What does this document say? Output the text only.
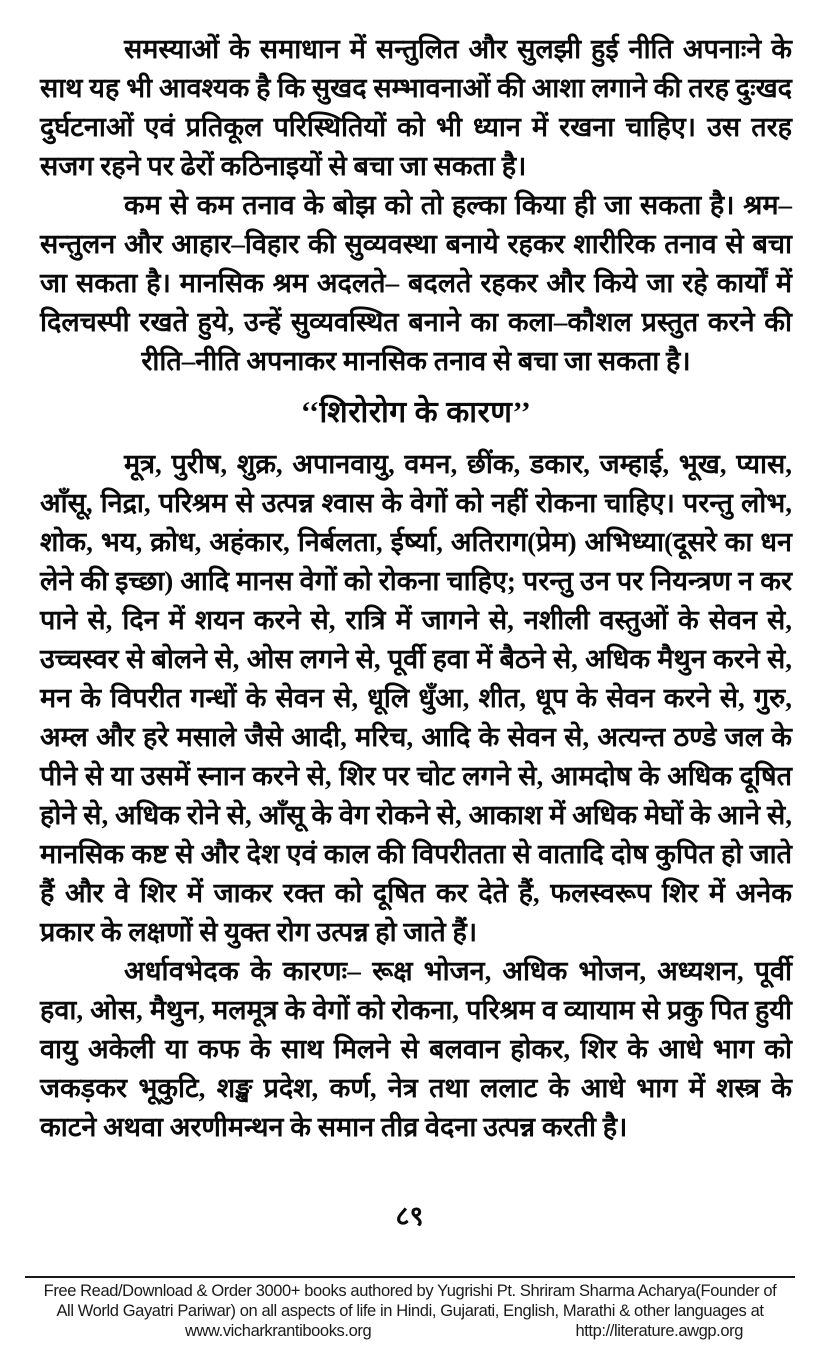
समस्याओं के समाधान में सन्तुलित और सुलझी हुई नीति अपनाःने के साथ यह भी आवश्यक है कि सुखद सम्भावनाओं की आशा लगाने की तरह दुःखद दुर्घटनाओं एवं प्रतिकूल परिस्थितियों को भी ध्यान में रखना चाहिए। उस तरह सजग रहने पर ढेरों कठिनाइयों से बचा जा सकता है।

कम से कम तनाव के बोझ को तो हल्का किया ही जा सकता है। श्रम–सन्तुलन और आहार–विहार की सुव्यवस्था बनाये रहकर शारीरिक तनाव से बचा जा सकता है। मानसिक श्रम अदलते– बदलते रहकर और किये जा रहे कार्यों में दिलचस्पी रखते हुये, उन्हें सुव्यवस्थित बनाने का कला–कौशल प्रस्तुत करने की रीति–नीति अपनाकर मानसिक तनाव से बचा जा सकता है।

‘‘शिरोरोग के कारण’’

मूत्र, पुरीष, शुक्र, अपानवायु, वमन, छींक, डकार, जम्हाई, भूख, प्यास, आँसू, निद्रा, परिश्रम से उत्पन्न श्वास के वेगों को नहीं रोकना चाहिए। परन्तु लोभ, शोक, भय, क्रोध, अहंकार, निर्बलता, ईर्ष्या, अतिराग(प्रेम) अभिध्या(दूसरे का धन लेने की इच्छा) आदि मानस वेगों को रोकना चाहिए; परन्तु उन पर नियन्त्रण न कर पाने से, दिन में शयन करने से, रात्रि में जागने से, नशीली वस्तुओं के सेवन से, उच्चस्वर से बोलने से, ओस लगने से, पूर्वी हवा में बैठने से, अधिक मैथुन करने से, मन के विपरीत गन्धों के सेवन से, धूलि धुँआ, शीत, धूप के सेवन करने से, गुरु, अम्ल और हरे मसाले जैसे आदी, मरिच, आदि के सेवन से, अत्यन्त ठण्डे जल के पीने से या उसमें स्नान करने से, शिर पर चोट लगने से, आमदोष के अधिक दूषित होने से, अधिक रोने से, आँसू के वेग रोकने से, आकाश में अधिक मेघों के आने से, मानसिक कष्ट से और देश एवं काल की विपरीतता से वातादि दोष कुपित हो जाते हैं और वे शिर में जाकर रक्त को दूषित कर देते हैं, फलस्वरूप शिर में अनेक प्रकार के लक्षणों से युक्त रोग उत्पन्न हो जाते हैं।

अर्धावभेदक के कारणः– रूक्ष भोजन, अधिक भोजन, अध्यशन, पूर्वी हवा, ओस, मैथुन, मलमूत्र के वेगों को रोकना, परिश्रम व व्यायाम से प्रकु पित हुयी वायु अकेली या कफ के साथ मिलने से बलवान होकर, शिर के आधे भाग को जकड़कर भूकुटि, शङ्ख प्रदेश, कर्ण, नेत्र तथा ललाट के आधे भाग में शस्त्र के काटने अथवा अरणीमन्थन के समान तीव्र वेदना उत्पन्न करती है।

८९
Free Read/Download & Order 3000+ books authored by Yugrishi Pt. Shriram Sharma Acharya(Founder of
All World Gayatri Pariwar) on all aspects of life in Hindi, Gujarati, English, Marathi & other languages at
www.vicharkrantibooks.org	http://literature.awgp.org
